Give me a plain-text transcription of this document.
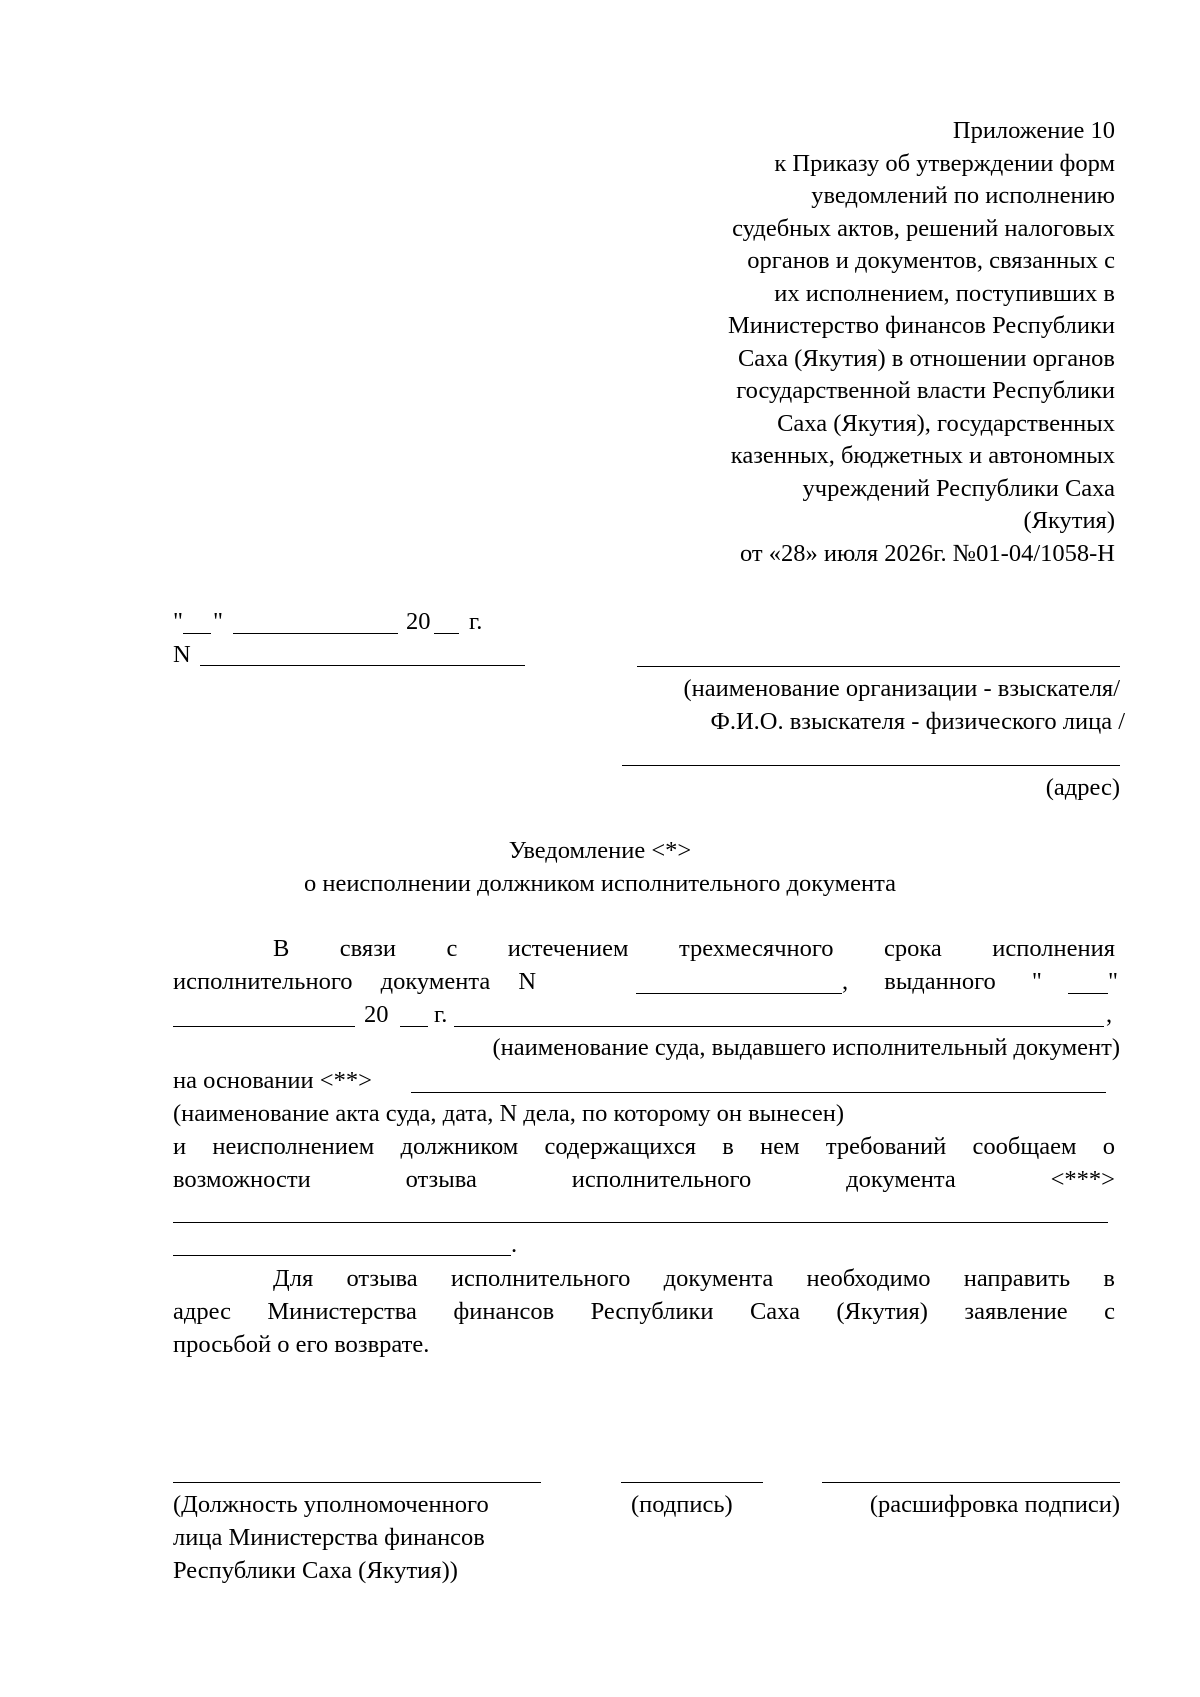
Приложение 10
к Приказу об утверждении форм
уведомлений по исполнению
судебных актов, решений налоговых
органов и документов, связанных с
их исполнением, поступивших в
Министерство финансов Республики
Саха (Якутия) в отношении органов
государственной власти Республики
Саха (Якутия), государственных
казенных, бюджетных и автономных
учреждений Республики Саха
(Якутия)
от «28» июля 2026г. №01-04/1058-Н
" "	20 г.
N
(наименование организации - взыскателя/
Ф.И.О. взыскателя - физического лица /
(адрес)
Уведомление <*>
о неисполнении должником исполнительного документа
В связи с истечением трехмесячного срока исполнения
исполнительного документа N	, выданного "	"
20 г.	,
(наименование суда, выдавшего исполнительный документ)
на основании <**>
(наименование акта суда, дата, N дела, по которому он вынесен)
и неисполнением должником содержащихся в нем требований сообщаем о
возможности отзыва исполнительного документа <***>
.
Для отзыва исполнительного документа необходимо направить в
адрес Министерства финансов Республики Саха (Якутия) заявление с
просьбой о его возврате.
(Должность уполномоченного
лица Министерства финансов
Республики Саха (Якутия))
(подпись)	(расшифровка подписи)
